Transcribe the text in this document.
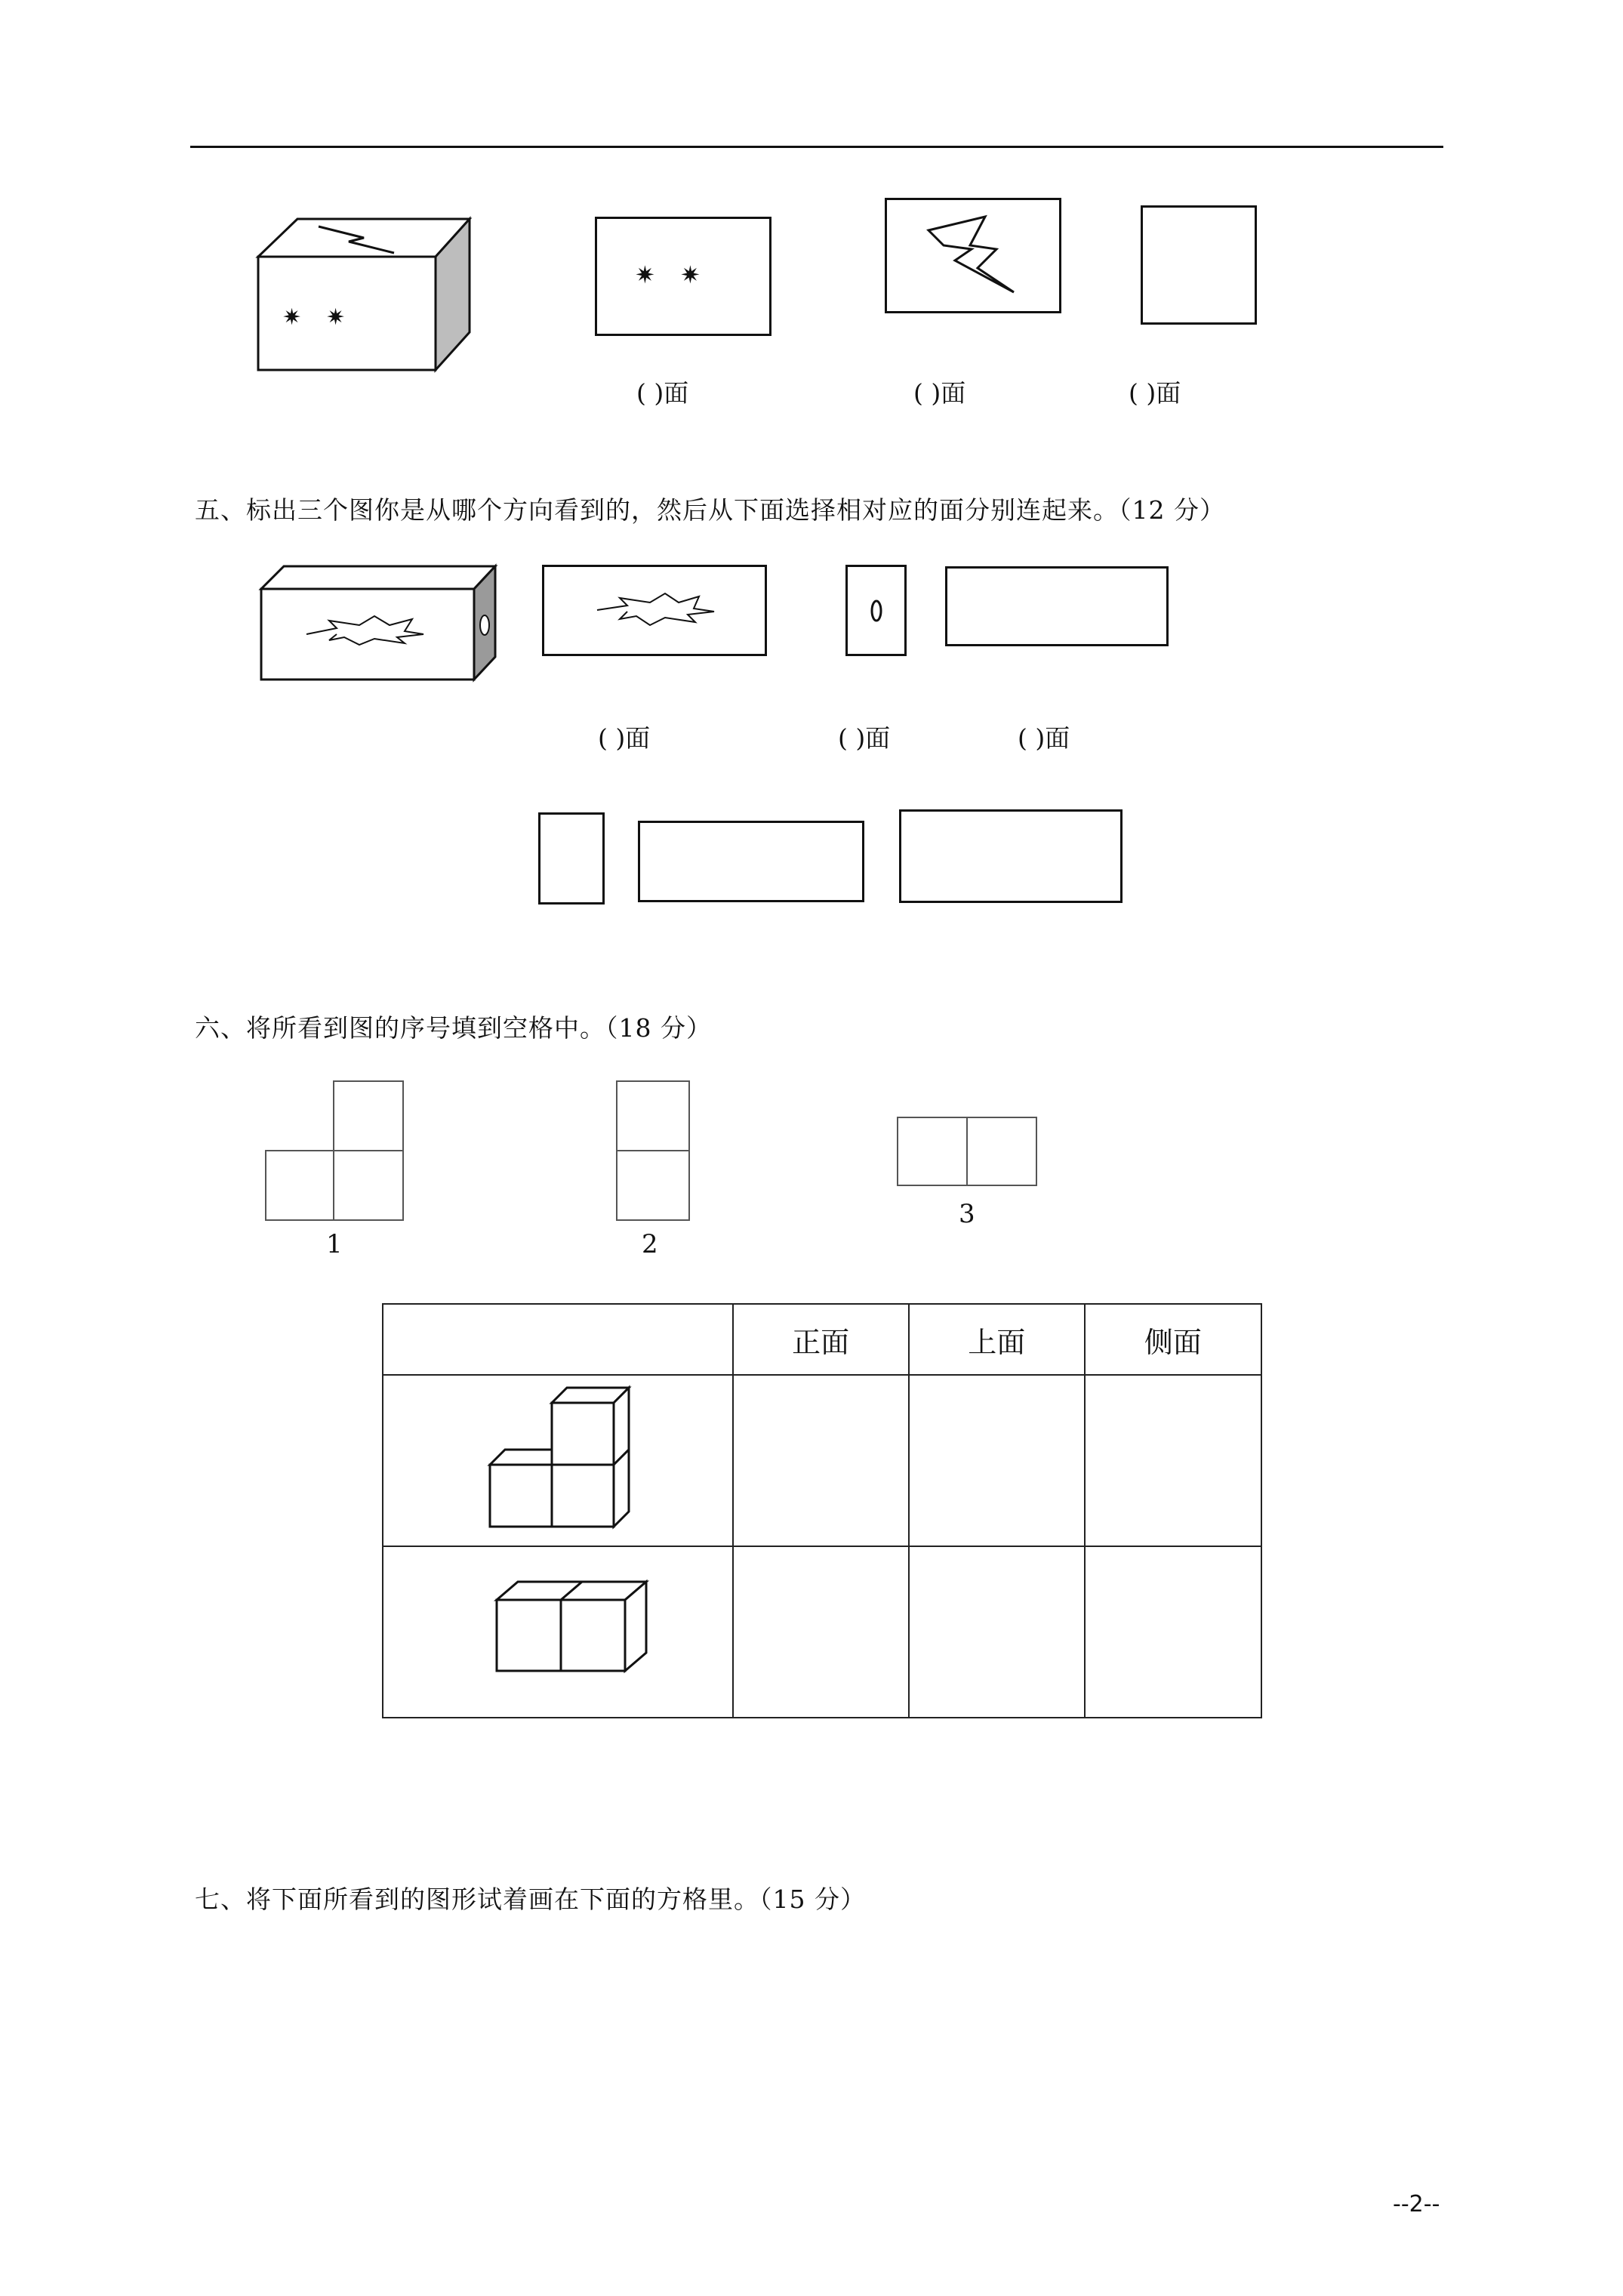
✷ ✷
✷ ✷
( )面	( )面	( )面
五、标出三个图你是从哪个方向看到的，然后从下面选择相对应的面分别连起来。（12 分）
( )面	( )面	( )面
六、将所看到图的序号填到空格中。（18 分）
1	2
3
	正面	上面	侧面

七、将下面所看到的图形试着画在下面的方格里。（15 分）
--2--
